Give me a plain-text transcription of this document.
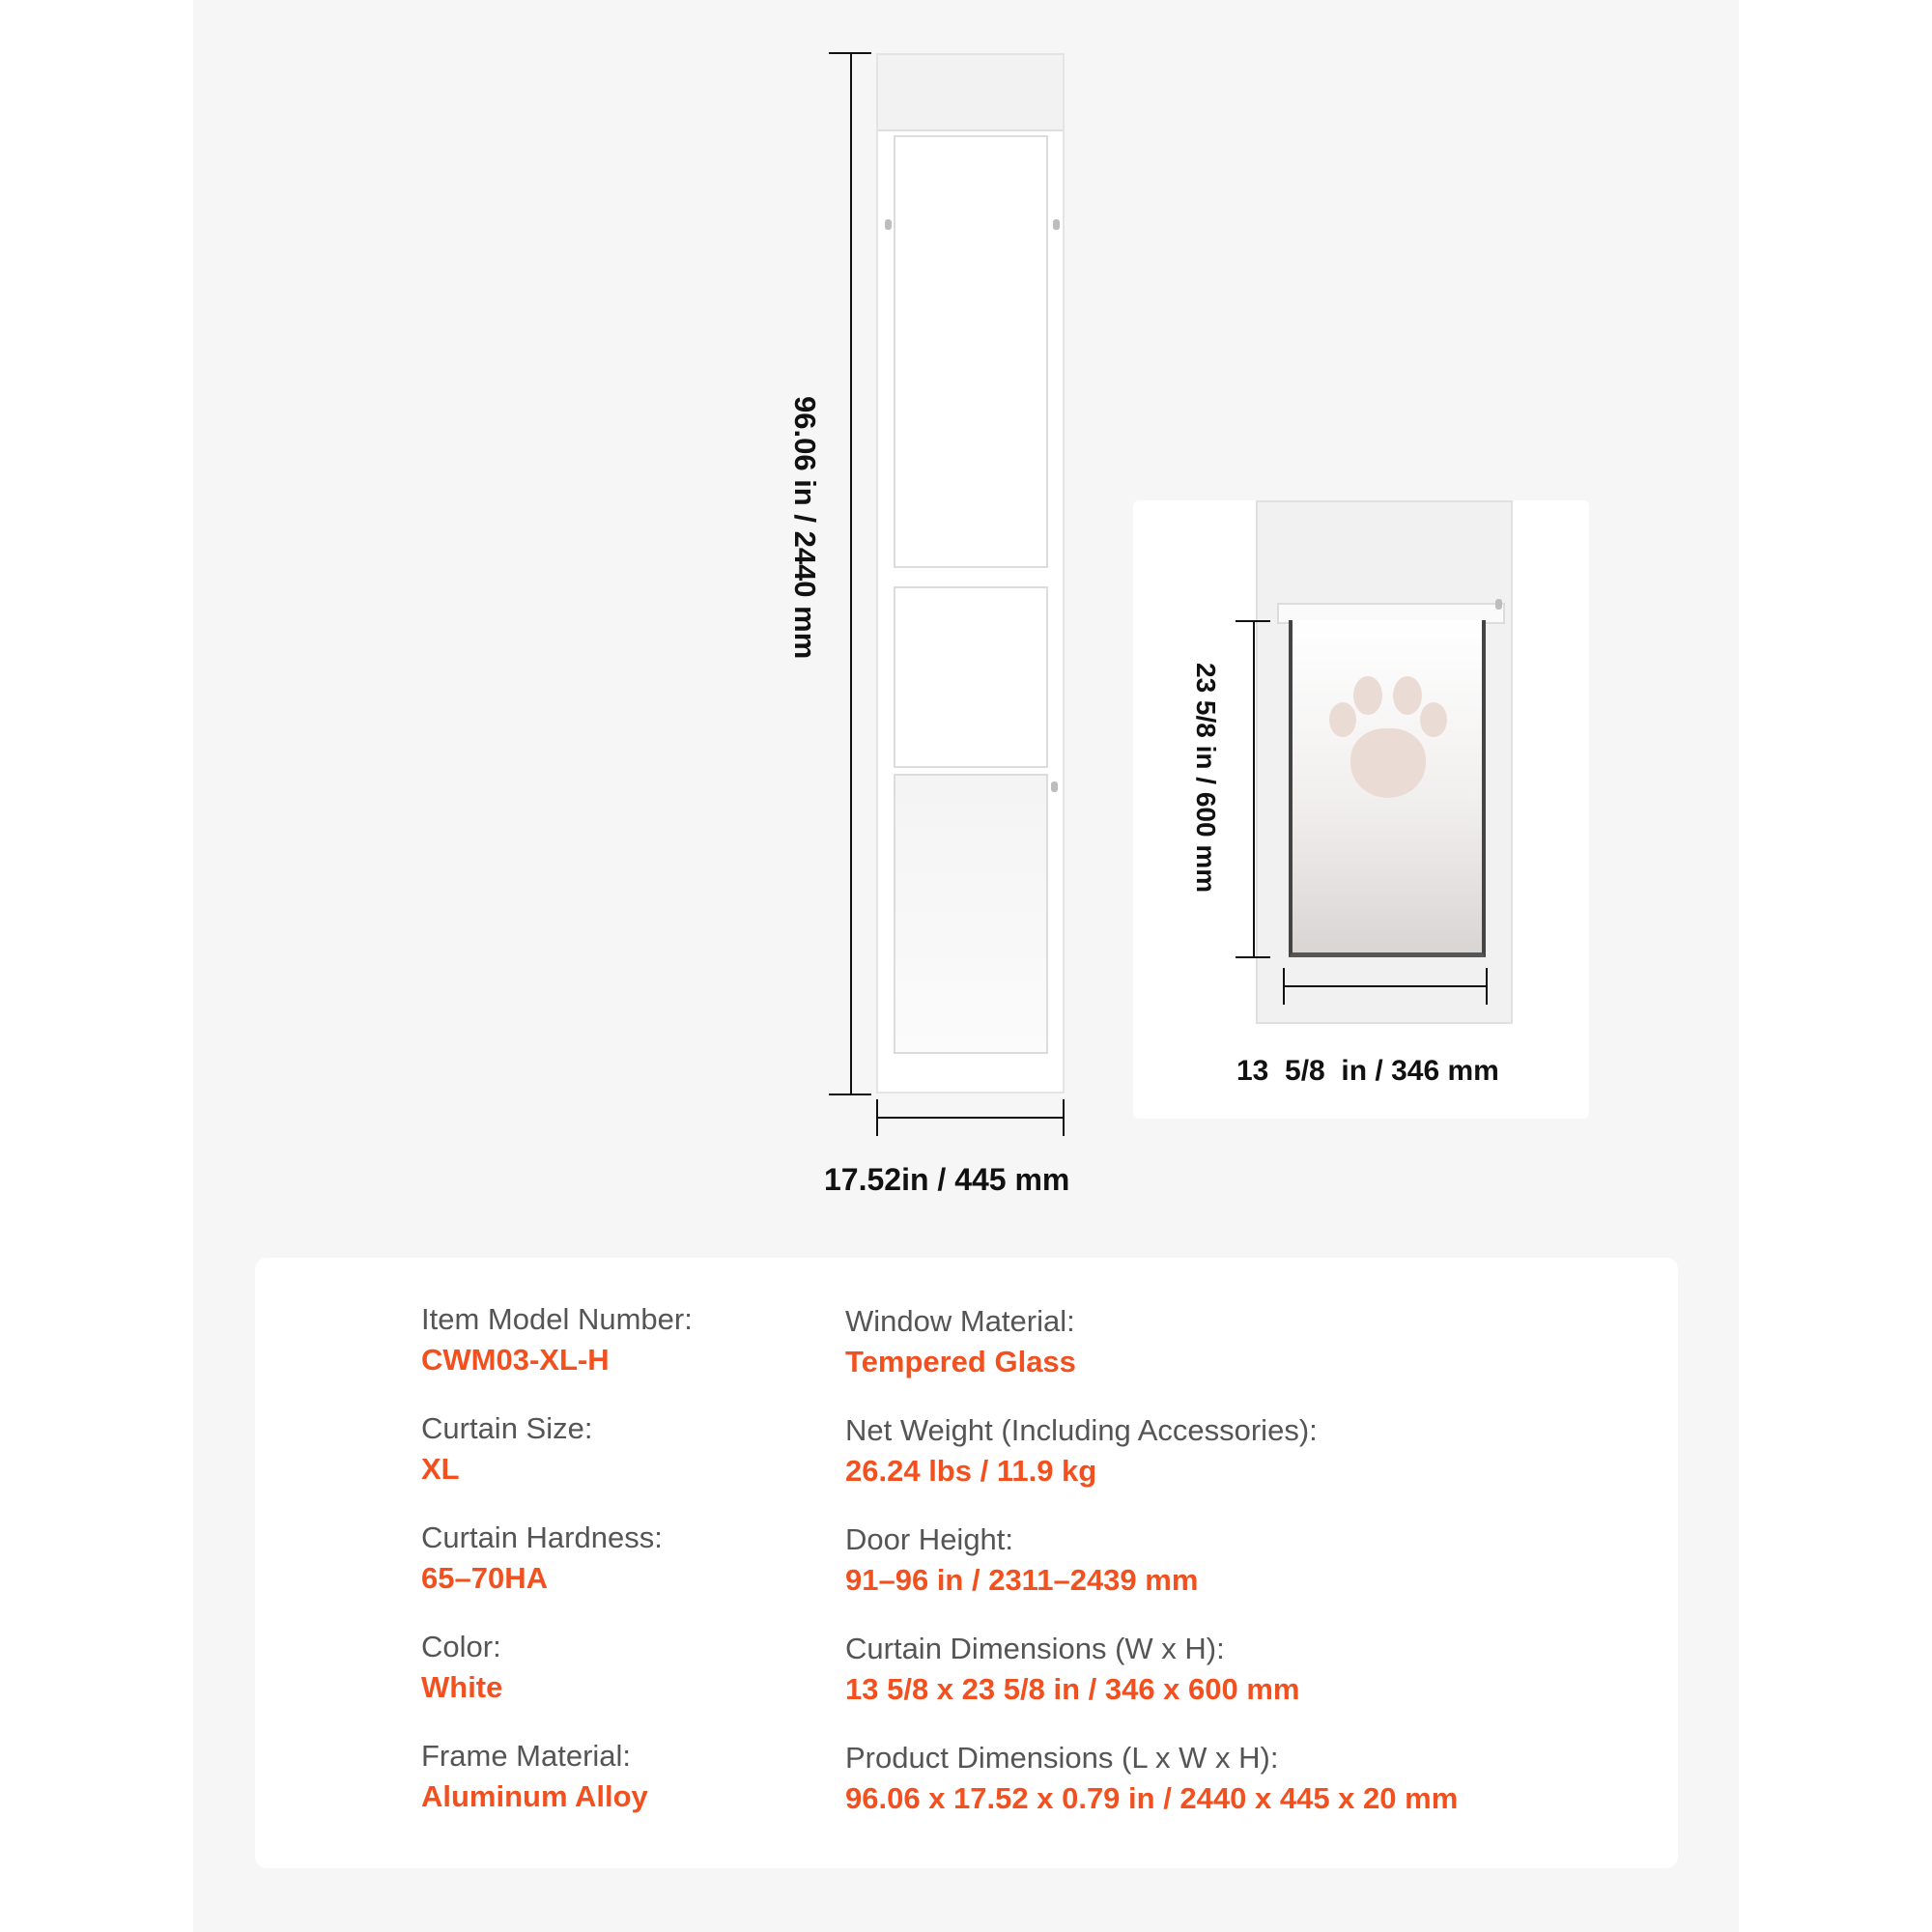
96.06 in / 2440 mm
17.52in / 445 mm
23 5/8 in / 600 mm
13  5/8  in / 346 mm
Item Model Number:
CWM03-XL-H
Curtain Size:
XL
Curtain Hardness:
65–70HA
Color:
White
Frame Material:
Aluminum Alloy
Window Material:
Tempered Glass
Net Weight (Including Accessories):
26.24 lbs / 11.9 kg
Door Height:
91–96 in / 2311–2439 mm
Curtain Dimensions (W x H):
13 5/8 x 23 5/8 in / 346 x 600 mm
Product Dimensions (L x W x H):
96.06 x 17.52 x 0.79 in / 2440 x 445 x 20 mm
